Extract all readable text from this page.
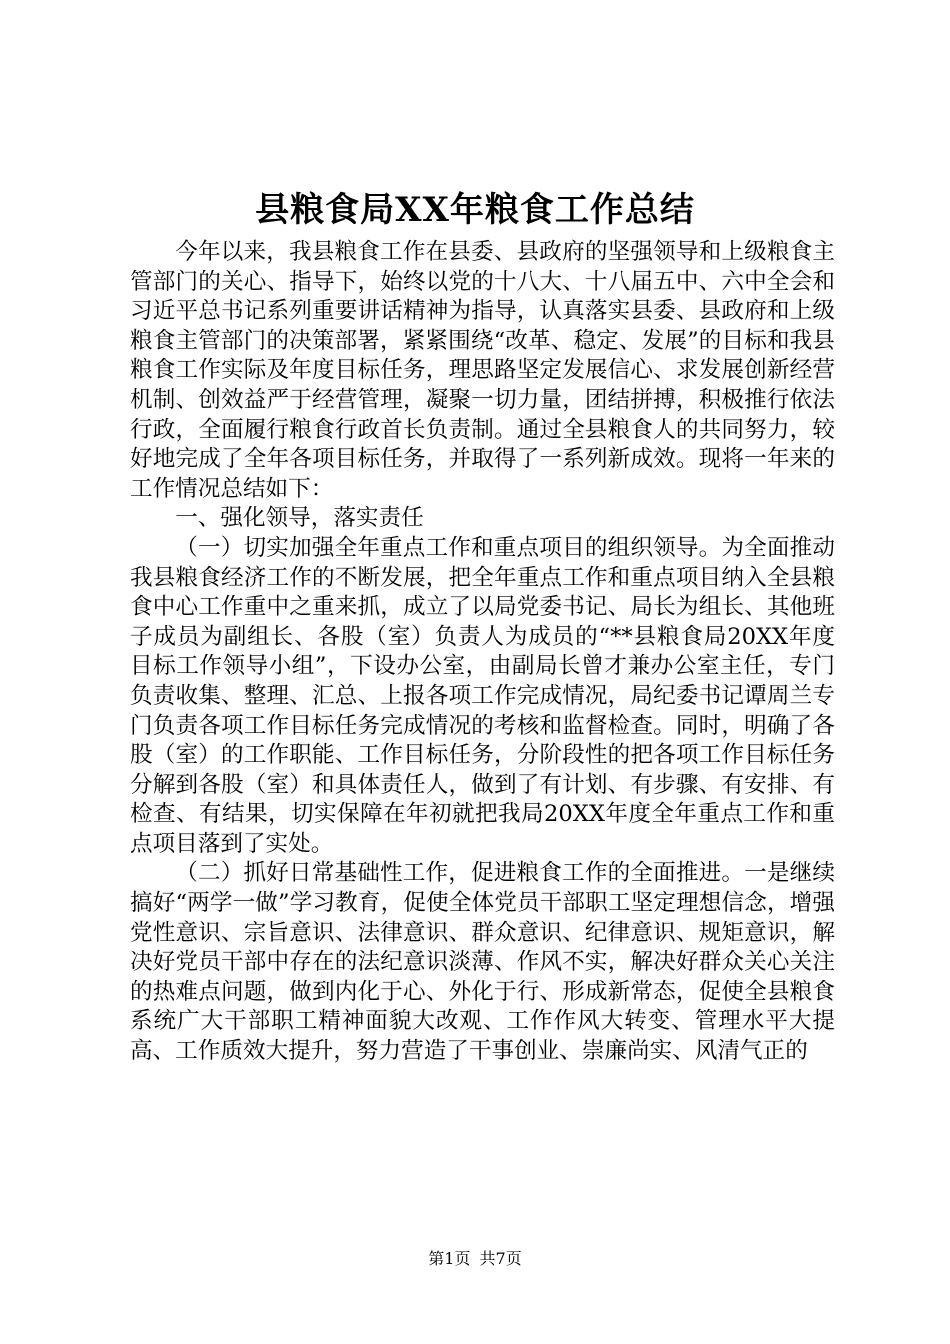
县粮食局XX年粮食工作总结

今年以来，我县粮食工作在县委、县政府的坚强领导和上级粮食主管部门的关心、指导下，始终以党的十八大、十八届五中、六中全会和习近平总书记系列重要讲话精神为指导，认真落实县委、县政府和上级粮食主管部门的决策部署，紧紧围绕“改革、稳定、发展”的目标和我县粮食工作实际及年度目标任务，理思路坚定发展信心、求发展创新经营机制、创效益严于经营管理，凝聚一切力量，团结拼搏，积极推行依法行政，全面履行粮食行政首长负责制。通过全县粮食人的共同努力，较好地完成了全年各项目标任务，并取得了一系列新成效。现将一年来的工作情况总结如下：

一、强化领导，落实责任

（一）切实加强全年重点工作和重点项目的组织领导。为全面推动我县粮食经济工作的不断发展，把全年重点工作和重点项目纳入全县粮食中心工作重中之重来抓，成立了以局党委书记、局长为组长、其他班子成员为副组长、各股（室）负责人为成员的“**县粮食局20XX年度目标工作领导小组”，下设办公室，由副局长曾才兼办公室主任，专门负责收集、整理、汇总、上报各项工作完成情况，局纪委书记谭周兰专门负责各项工作目标任务完成情况的考核和监督检查。同时，明确了各股（室）的工作职能、工作目标任务，分阶段性的把各项工作目标任务分解到各股（室）和具体责任人，做到了有计划、有步骤、有安排、有检查、有结果，切实保障在年初就把我局20XX年度全年重点工作和重点项目落到了实处。

（二）抓好日常基础性工作，促进粮食工作的全面推进。一是继续搞好“两学一做”学习教育，促使全体党员干部职工坚定理想信念，增强党性意识、宗旨意识、法律意识、群众意识、纪律意识、规矩意识，解决好党员干部中存在的法纪意识淡薄、作风不实，解决好群众关心关注的热难点问题，做到内化于心、外化于行、形成新常态，促使全县粮食系统广大干部职工精神面貌大改观、工作作风大转变、管理水平大提高、工作质效大提升，努力营造了干事创业、崇廉尚实、风清气正的

第1页 共7页
